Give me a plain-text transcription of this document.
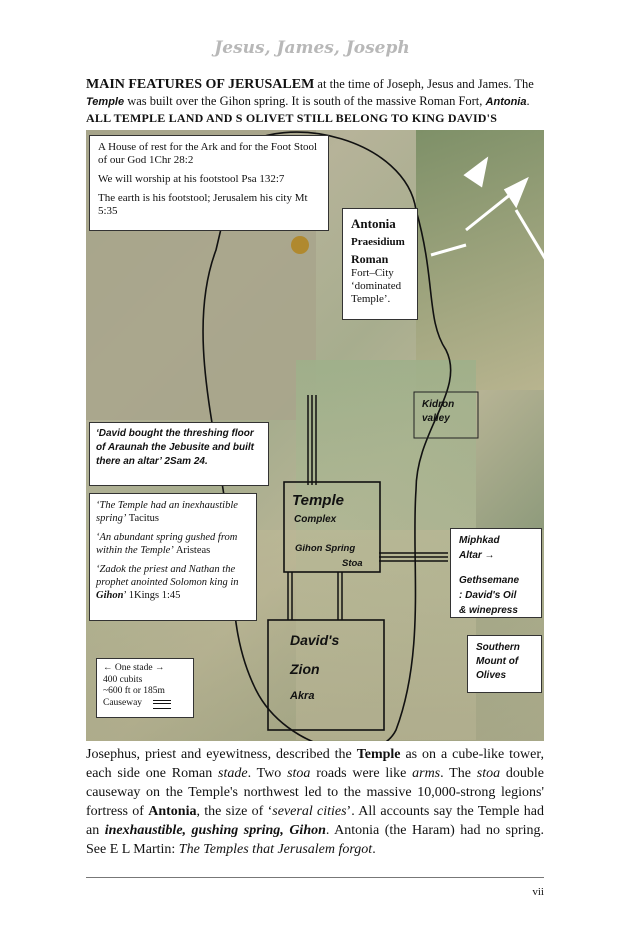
Jesus, James, Joseph
MAIN FEATURES OF JERUSALEM at the time of Joseph, Jesus and James. The Temple was built over the Gihon spring. It is south of the massive Roman Fort, Antonia.
ALL TEMPLE LAND AND S OLIVET STILL BELONG TO KING DAVID'S

A House of rest for the Ark and for the Foot Stool of our God 1Chr 28:2

We will worship at his footstool Psa 132:7

The earth is his footstool; Jerusalem his city Mt 5:35

Antonia
Praesidium
Roman
Fort–City ‘dominated Temple’.
Kidron valley
‘David bought the threshing floor of Araunah the Jebusite and built there an altar’ 2Sam 24.

‘The Temple had an inexhaustible spring’ Tacitus

‘An abundant spring gushed from within the Temple’ Aristeas

‘Zadok the priest and Nathan the prophet anointed Solomon king in Gihon’ 1Kings 1:45

Temple
Complex
Gihon Spring
Stoa
Miphkad
Altar →
Gethsemane
: David's Oil
& winepress
David's
Zion
Akra
Southern
Mount of
Olives
← One stade →
400 cubits
~600 ft or 185m
Causeway
Josephus, priest and eyewitness, described the Temple as on a cube-like tower, each side one Roman stade. Two stoa roads were like arms. The stoa double causeway on the Temple's northwest led to the massive 10,000-strong legions' fortress of Antonia, the size of ‘several cities’. All accounts say the Temple had an inexhaustible, gushing spring, Gihon. Antonia (the Haram) had no spring. See E L Martin: The Temples that Jerusalem forgot.
vii
